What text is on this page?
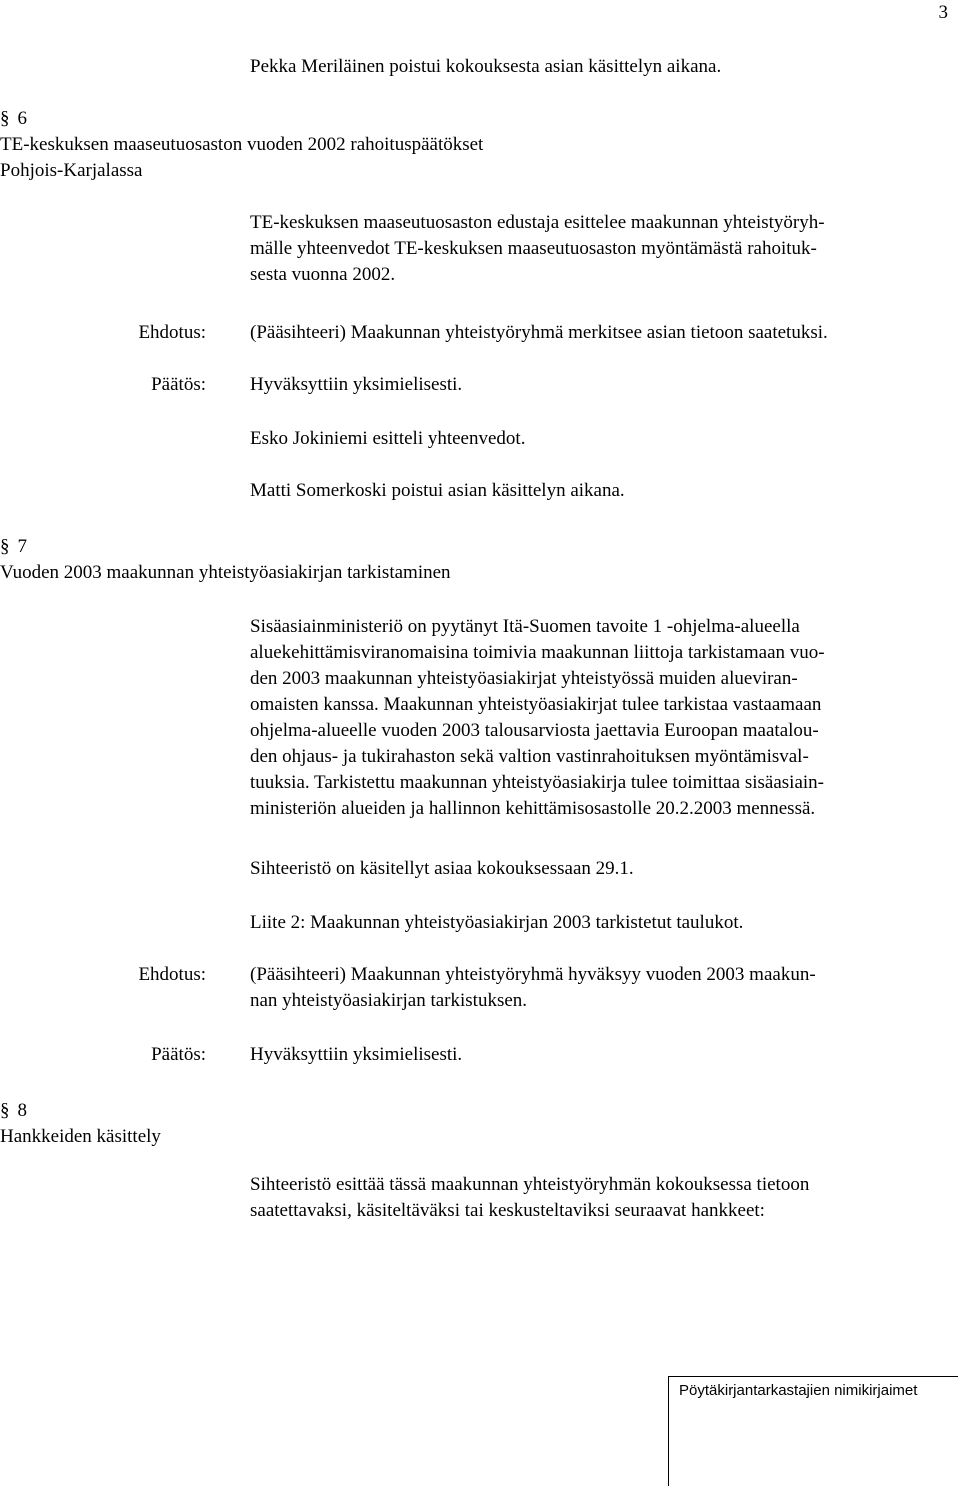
3
Pekka Meriläinen poistui kokouksesta asian käsittelyn aikana.
§ 6
TE-keskuksen maaseutuosaston vuoden 2002 rahoituspäätökset
Pohjois-Karjalassa
TE-keskuksen maaseutuosaston edustaja esittelee maakunnan yhteistyöryh-
mälle yhteenvedot TE-keskuksen maaseutuosaston myöntämästä rahoituk-
sesta vuonna 2002.
Ehdotus: (Pääsihteeri) Maakunnan yhteistyöryhmä merkitsee asian tietoon saatetuksi.
Päätös: Hyväksyttiin yksimielisesti.
Esko Jokiniemi esitteli yhteenvedot.
Matti Somerkoski poistui asian käsittelyn aikana.
§ 7
Vuoden 2003 maakunnan yhteistyöasiakirjan tarkistaminen
Sisäasiainministeriö on pyytänyt Itä-Suomen tavoite 1 -ohjelma-alueella
aluekehittämisviranomaisina toimivia maakunnan liittoja tarkistamaan vuo-
den 2003 maakunnan yhteistyöasiakirjat yhteistyössä muiden alueviran-
omaisten kanssa. Maakunnan yhteistyöasiakirjat tulee tarkistaa vastaamaan
ohjelma-alueelle vuoden 2003 talousarviosta jaettavia Euroopan maatalou-
den ohjaus- ja tukirahaston sekä valtion vastinrahoituksen myöntämisval-
tuuksia. Tarkistettu maakunnan yhteistyöasiakirja tulee toimittaa sisäasiain-
ministeriön alueiden ja hallinnon kehittämisosastolle 20.2.2003 mennessä.
Sihteeristö on käsitellyt asiaa kokouksessaan 29.1.
Liite 2: Maakunnan yhteistyöasiakirjan 2003 tarkistetut taulukot.
Ehdotus: (Pääsihteeri) Maakunnan yhteistyöryhmä hyväksyy vuoden 2003 maakun-
nan yhteistyöasiakirjan tarkistuksen.
Päätös: Hyväksyttiin yksimielisesti.
§ 8
Hankkeiden käsittely
Sihteeristö esittää tässä maakunnan yhteistyöryhmän kokouksessa tietoon
saatettavaksi, käsiteltäväksi tai keskusteltaviksi seuraavat hankkeet:
Pöytäkirjantarkastajien nimikirjaimet
